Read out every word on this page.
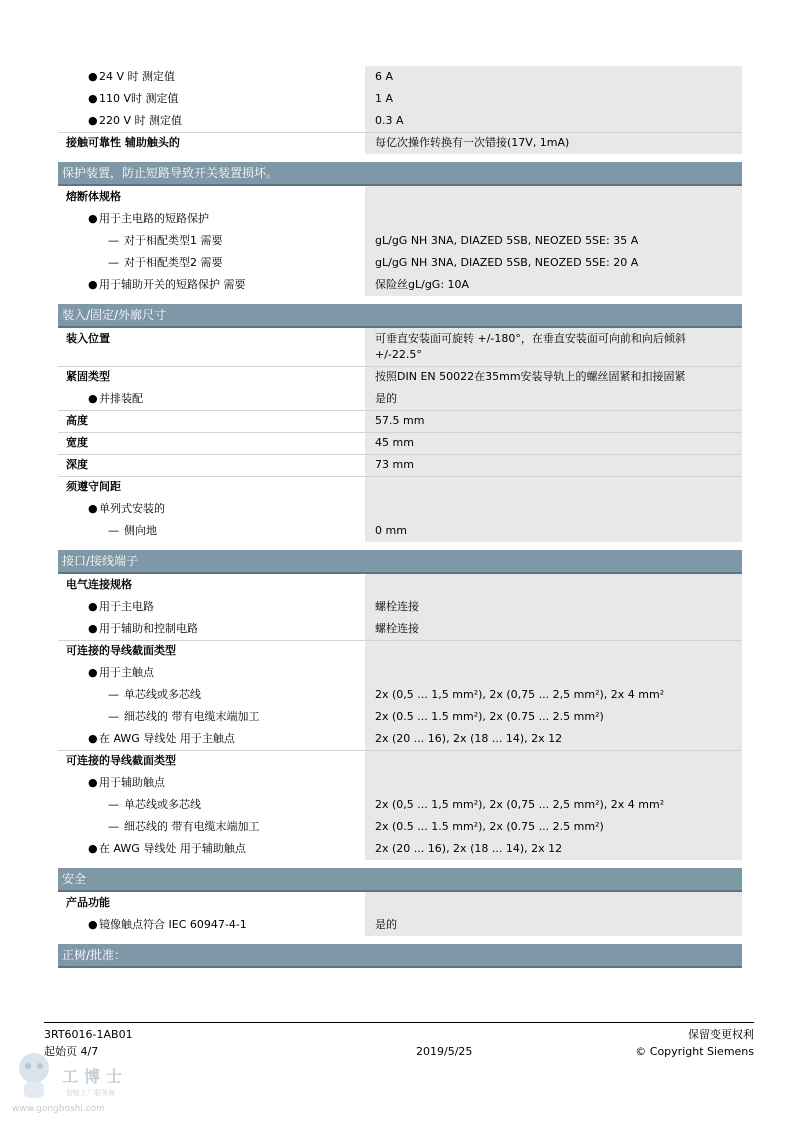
●24 V 时 测定值	6 A
●110 V时 测定值	1 A
●220 V 时 测定值	0.3 A
接触可靠性 辅助触头的	每亿次操作转换有一次错接(17V, 1mA)
保护装置，防止短路导致开关装置损坏。
熔断体规格
●用于主电路的短路保护
— 对于相配类型1 需要	gL/gG NH 3NA, DIAZED 5SB, NEOZED 5SE: 35 A
— 对于相配类型2 需要	gL/gG NH 3NA, DIAZED 5SB, NEOZED 5SE: 20 A
●用于辅助开关的短路保护 需要	保险丝gL/gG: 10A
装入/固定/外廓尺寸
装入位置	可垂直安装面可旋转 +/-180°，在垂直安装面可向前和向后倾斜 +/-22.5°
紧固类型	按照DIN EN 50022在35mm安装导轨上的螺丝固紧和扣接固紧
●并排装配	是的
高度	57.5 mm
宽度	45 mm
深度	73 mm
须遵守间距
●单列式安装的
— 侧向地	0 mm
接口/接线端子
电气连接规格
●用于主电路	螺栓连接
●用于辅助和控制电路	螺栓连接
可连接的导线截面类型
●用于主触点
— 单芯线或多芯线	2x (0,5 ... 1,5 mm²), 2x (0,75 ... 2,5 mm²), 2x 4 mm²
— 细芯线的 带有电缆末端加工	2x (0.5 ... 1.5 mm²), 2x (0.75 ... 2.5 mm²)
●在 AWG 导线处 用于主触点	2x (20 ... 16), 2x (18 ... 14), 2x 12
可连接的导线截面类型
●用于辅助触点
— 单芯线或多芯线	2x (0,5 ... 1,5 mm²), 2x (0,75 ... 2,5 mm²), 2x 4 mm²
— 细芯线的 带有电缆末端加工	2x (0.5 ... 1.5 mm²), 2x (0.75 ... 2.5 mm²)
●在 AWG 导线处 用于辅助触点	2x (20 ... 16), 2x (18 ... 14), 2x 12
安全
产品功能
●镜像触点符合 IEC 60947-4-1	是的
正树/批准：
3RT6016-1AB01
起始页 4/7	2019/5/25
保留变更权利
© Copyright Siemens
工博士
智能工厂服务商
www.gongboshi.com
